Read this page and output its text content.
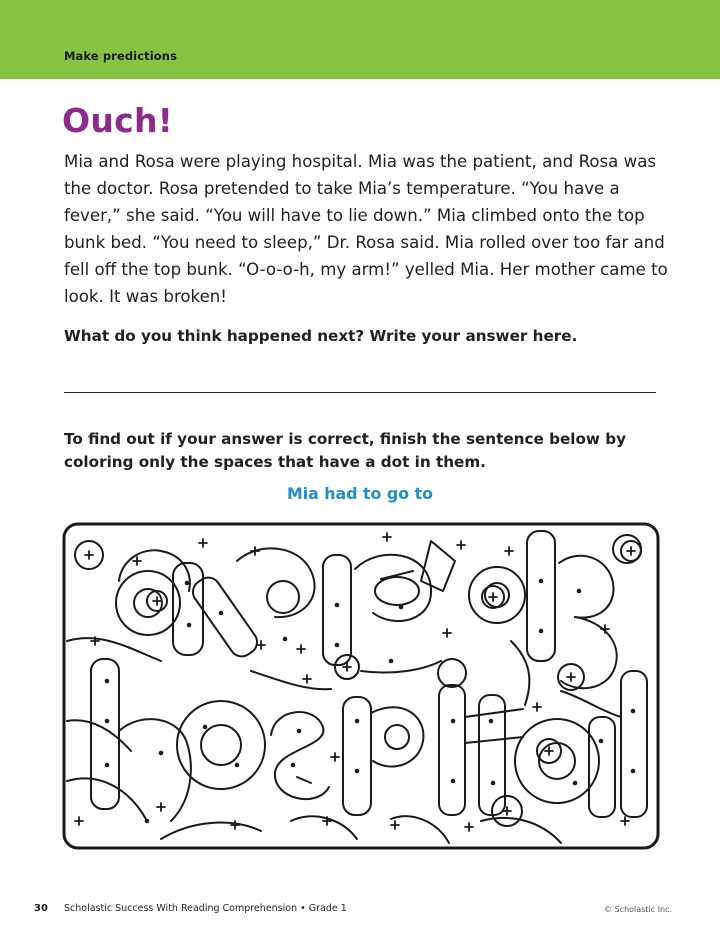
Make predictions
Ouch!

Mia and Rosa were playing hospital. Mia was the patient, and Rosa was the doctor. Rosa pretended to take Mia’s temperature. “You have a fever,” she said. “You will have to lie down.” Mia climbed onto the top bunk bed. “You need to sleep,” Dr. Rosa said. Mia rolled over too far and fell off the top bunk. “O-o-o-h, my arm!” yelled Mia. Her mother came to look. It was broken!

What do you think happened next? Write your answer here.

To find out if your answer is correct, finish the sentence below by coloring only the spaces that have a dot in them.

Mia had to go to
30 Scholastic Success With Reading Comprehension • Grade 1	© Scholastic Inc.
